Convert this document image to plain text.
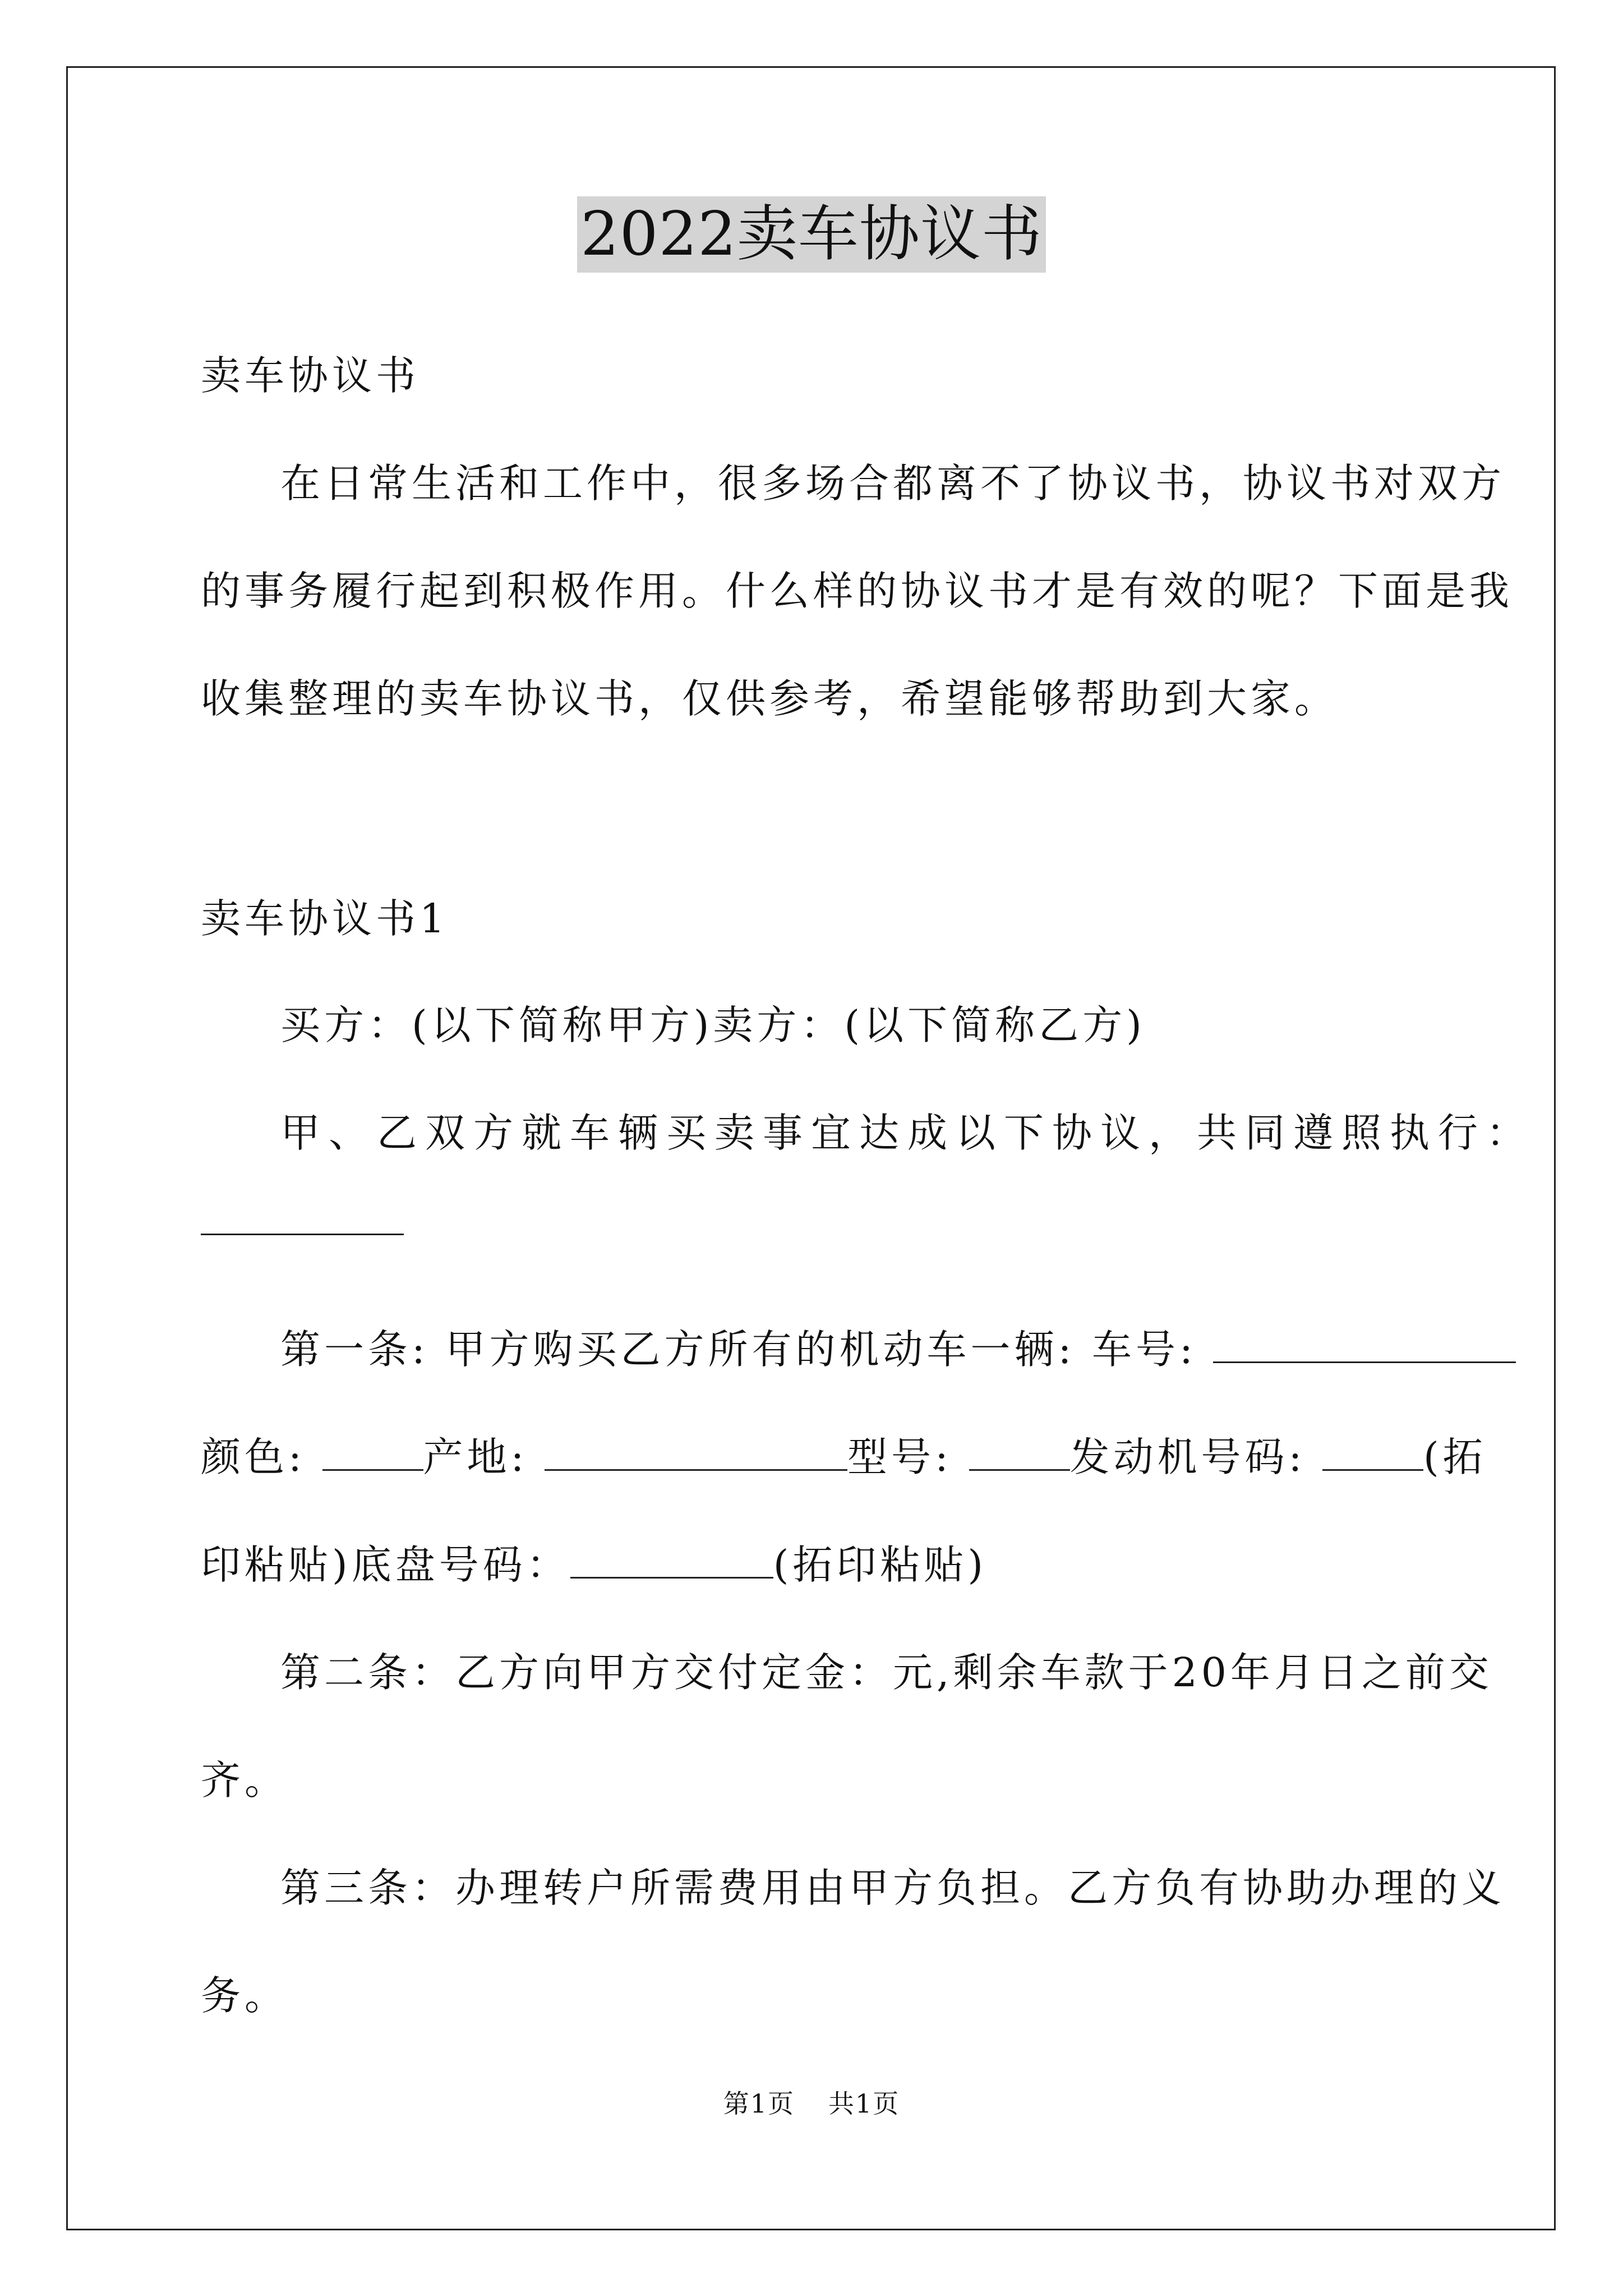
2022卖车协议书
卖车协议书
在日常生活和工作中，很多场合都离不了协议书，协议书对双方
的事务履行起到积极作用。什么样的协议书才是有效的呢？下面是我
收集整理的卖车协议书，仅供参考，希望能够帮助到大家。
卖车协议书1
买方：(以下简称甲方)卖方：(以下简称乙方)
甲、乙双方就车辆买卖事宜达成以下协议，共同遵照执行：
第一条: 甲方购买乙方所有的机动车一辆: 车号:
颜色:	产地:	型号:	发动机号码:	(拓
印粘贴)底盘号码：	(拓印粘贴)
第二条：乙方向甲方交付定金：元,剩余车款于20年月日之前交
齐。
第三条：办理转户所需费用由甲方负担。乙方负有协助办理的义
务。
第1页 共1页
